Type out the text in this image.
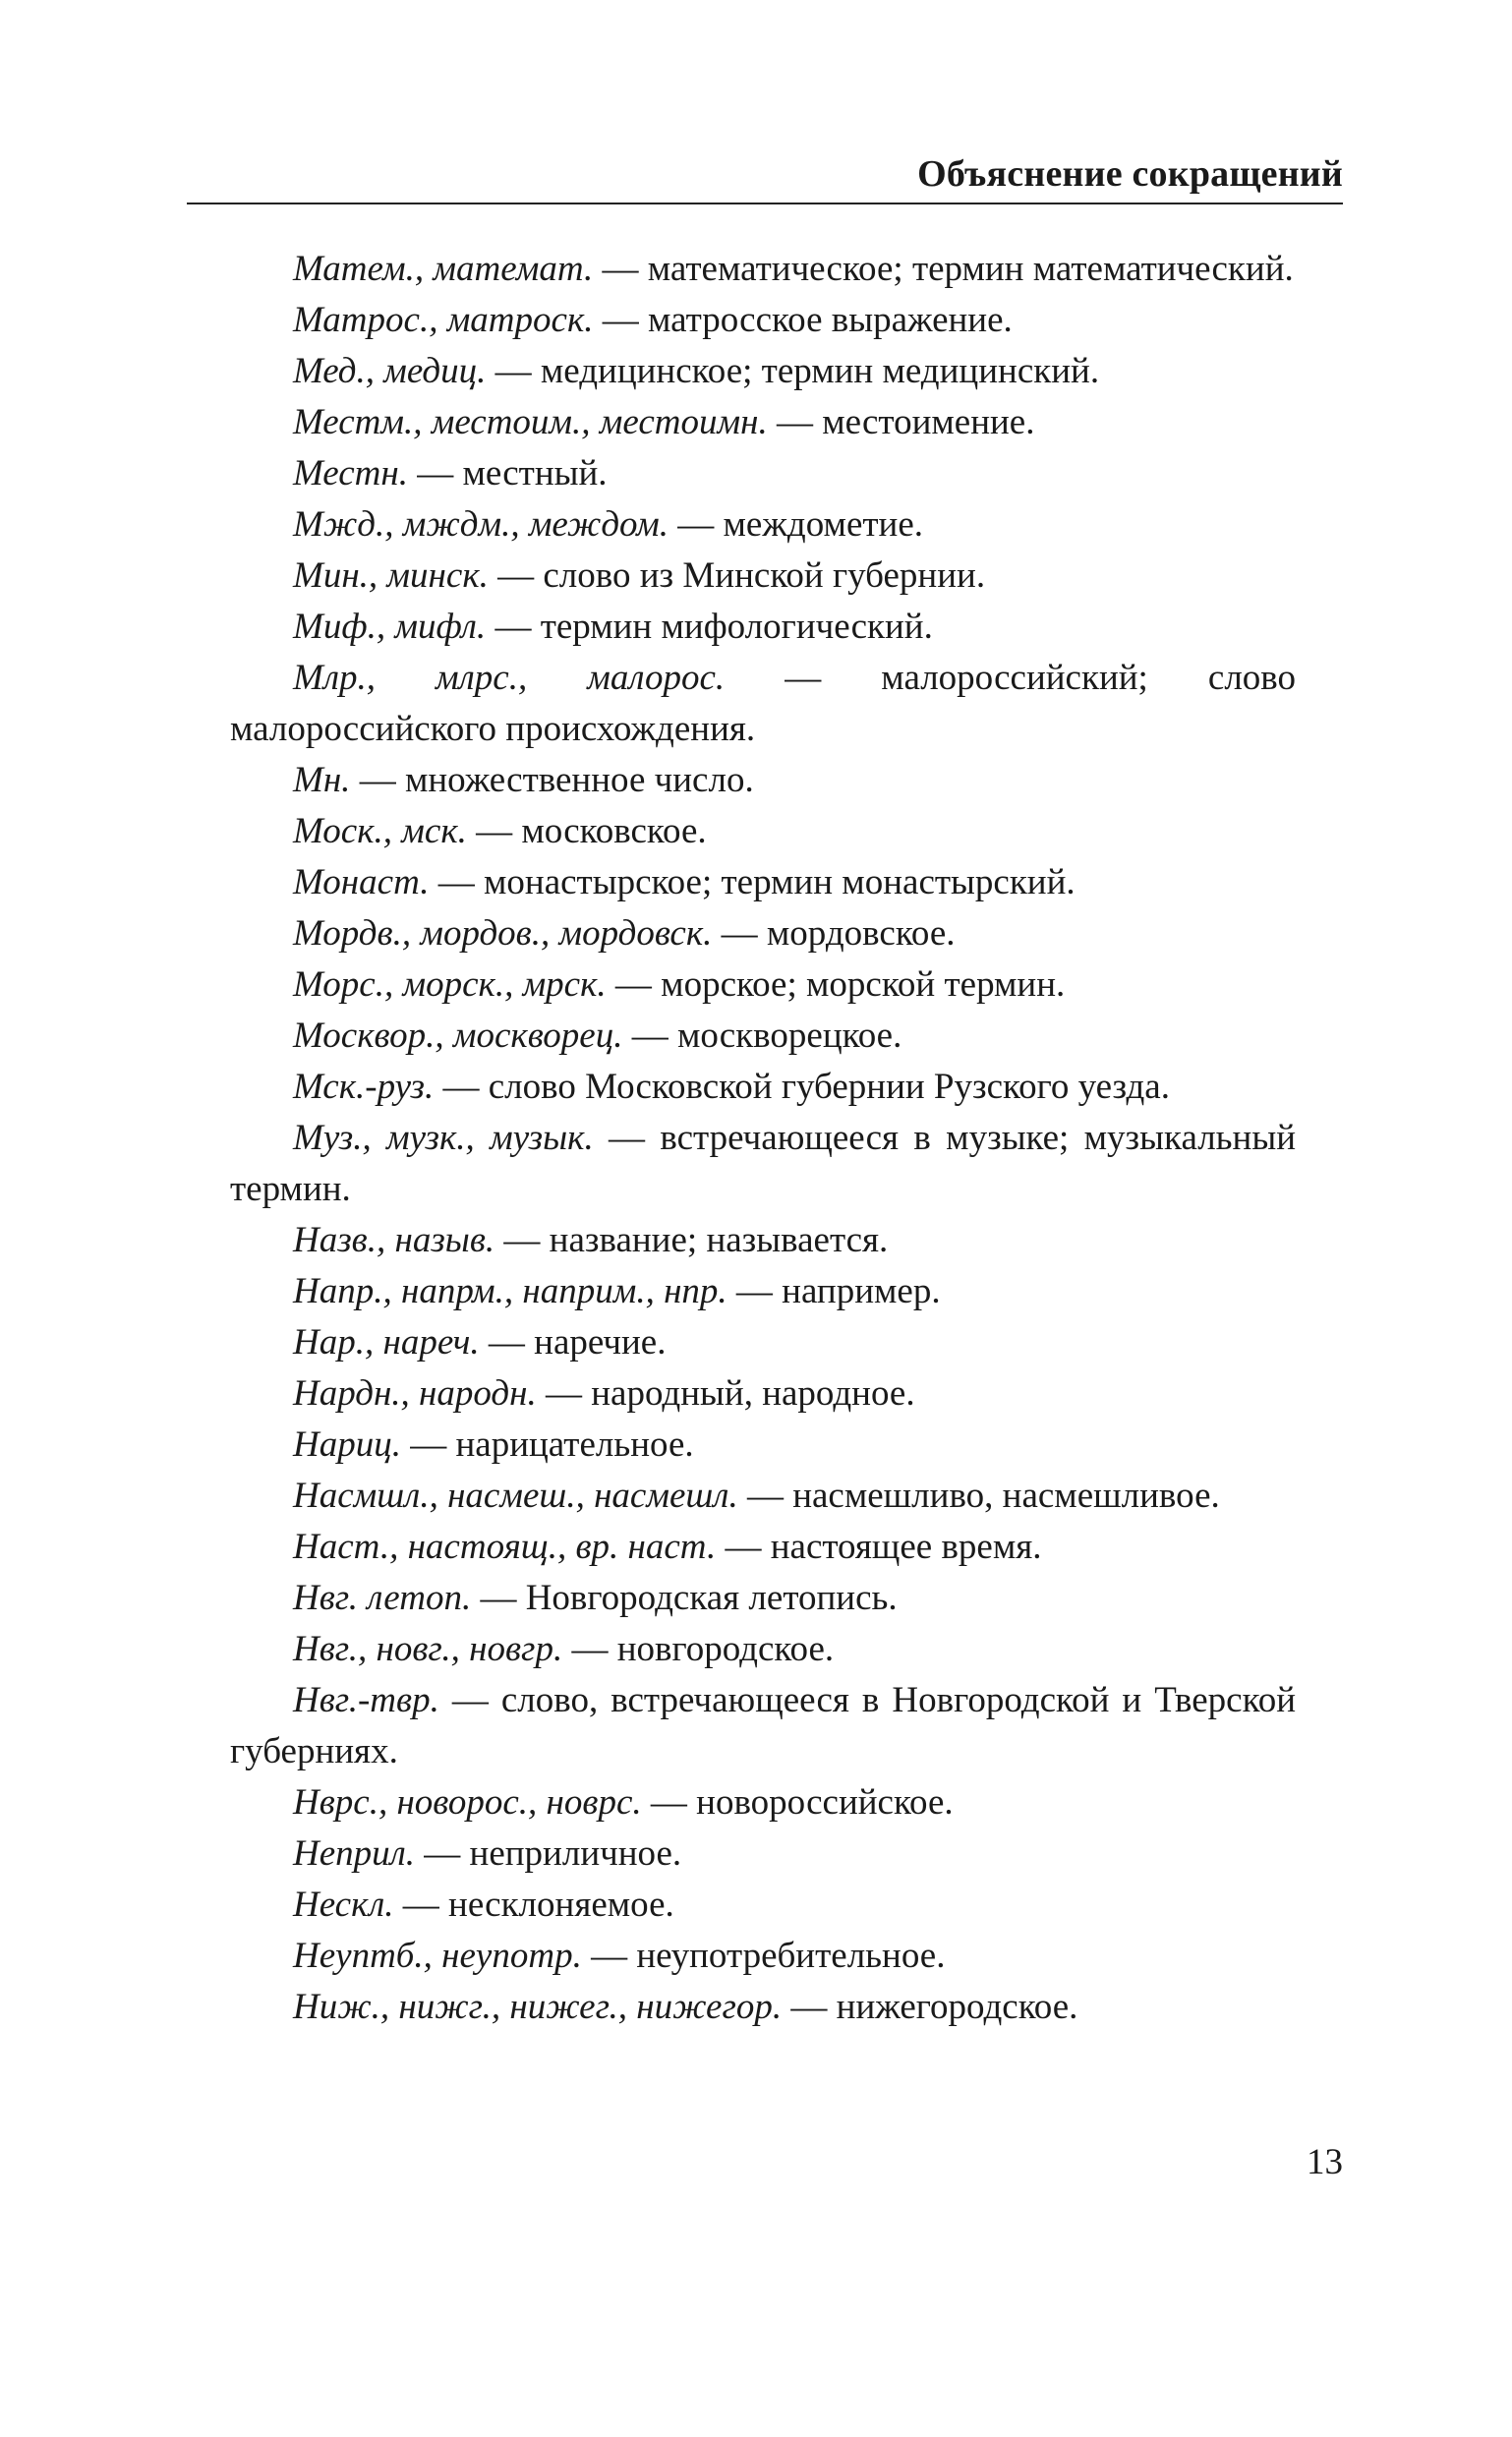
Объяснение сокращений

Матем., математ. — математическое; термин математический.

Матрос., матроск. — матросское выражение.

Мед., медиц. — медицинское; термин медицинский.

Местм., местоим., местоимн. — местоимение.

Местн. — местный.

Мжд., мждм., междом. — междометие.

Мин., минск. — слово из Минской губернии.

Миф., мифл. — термин мифологический.

Млр., млрс., малорос. — малороссийский; слово малороссийского происхождения.

Мн. — множественное число.

Моск., мск. — московское.

Монаст. — монастырское; термин монастырский.

Мордв., мордов., мордовск. — мордовское.

Морс., морск., мрск. — морское; морской термин.

Москвор., москворец. — москворецкое.

Мск.-руз. — слово Московской губернии Рузского уезда.

Муз., музк., музык. — встречающееся в музыке; музыкальный термин.

Назв., назыв. — название; называется.

Напр., напрм., наприм., нпр. — например.

Нар., нареч. — наречие.

Нардн., народн. — народный, народное.

Нариц. — нарицательное.

Насмшл., насмеш., насмешл. — насмешливо, насмешливое.

Наст., настоящ., вр. наст. — настоящее время.

Нвг. летоп. — Новгородская летопись.

Нвг., новг., новгр. — новгородское.

Нвг.-твр. — слово, встречающееся в Новгородской и Тверской губерниях.

Нврс., новорос., новрс. — новороссийское.

Неприл. — неприличное.

Нескл. — несклоняемое.

Неуптб., неупотр. — неупотребительное.

Ниж., нижг., нижег., нижегор. — нижегородское.

13
